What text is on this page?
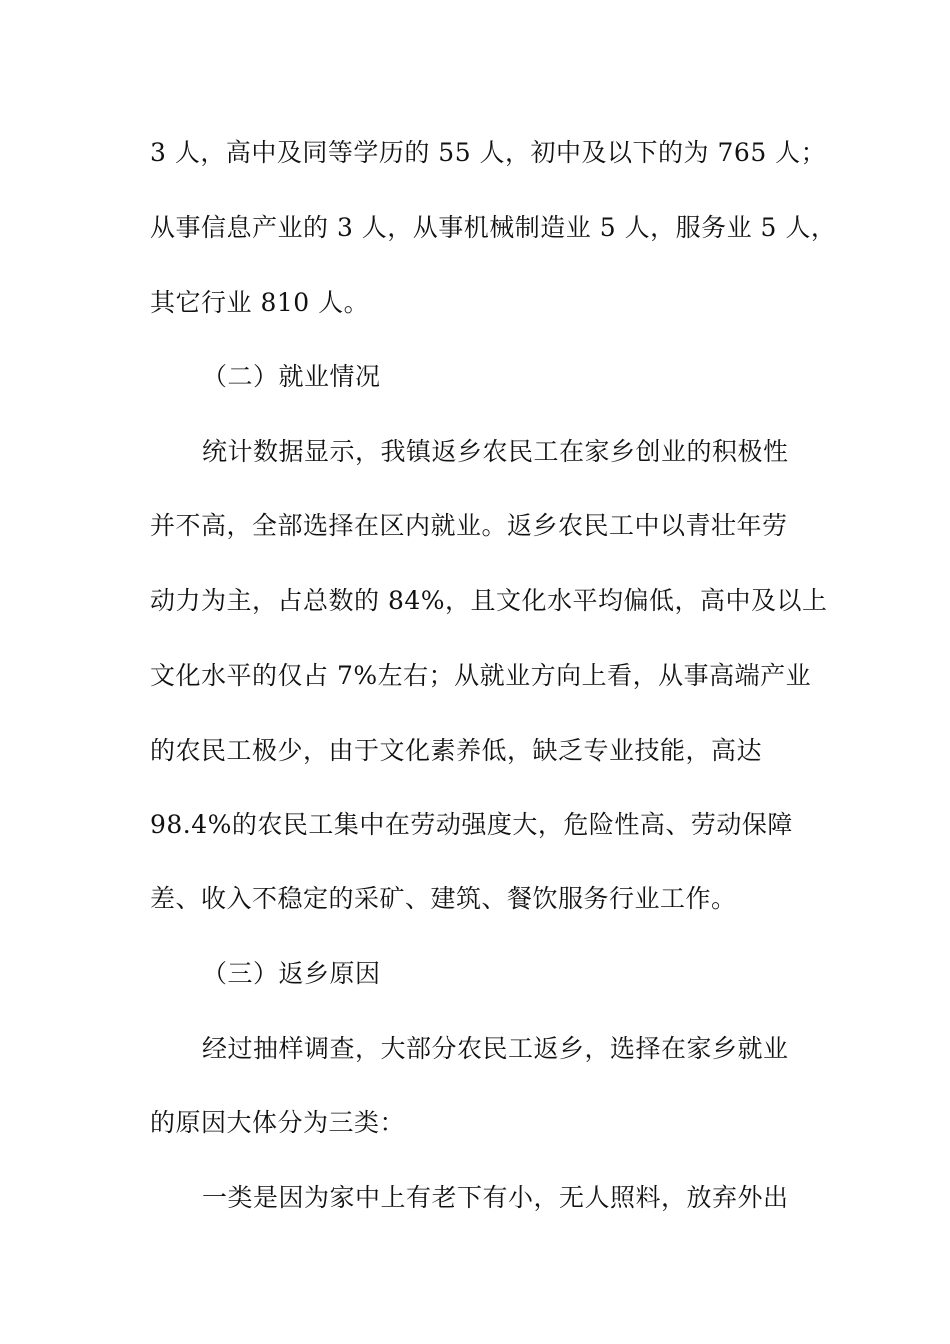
3 人，高中及同等学历的 55 人，初中及以下的为 765 人；
从事信息产业的 3 人，从事机械制造业 5 人，服务业 5 人，
其它行业 810 人。
（二）就业情况
统计数据显示，我镇返乡农民工在家乡创业的积极性
并不高，全部选择在区内就业。返乡农民工中以青壮年劳
动力为主，占总数的 84%，且文化水平均偏低，高中及以上
文化水平的仅占 7%左右；从就业方向上看，从事高端产业
的农民工极少，由于文化素养低，缺乏专业技能，高达
98.4%的农民工集中在劳动强度大，危险性高、劳动保障
差、收入不稳定的采矿、建筑、餐饮服务行业工作。
（三）返乡原因
经过抽样调查，大部分农民工返乡，选择在家乡就业
的原因大体分为三类：
一类是因为家中上有老下有小，无人照料，放弃外出
